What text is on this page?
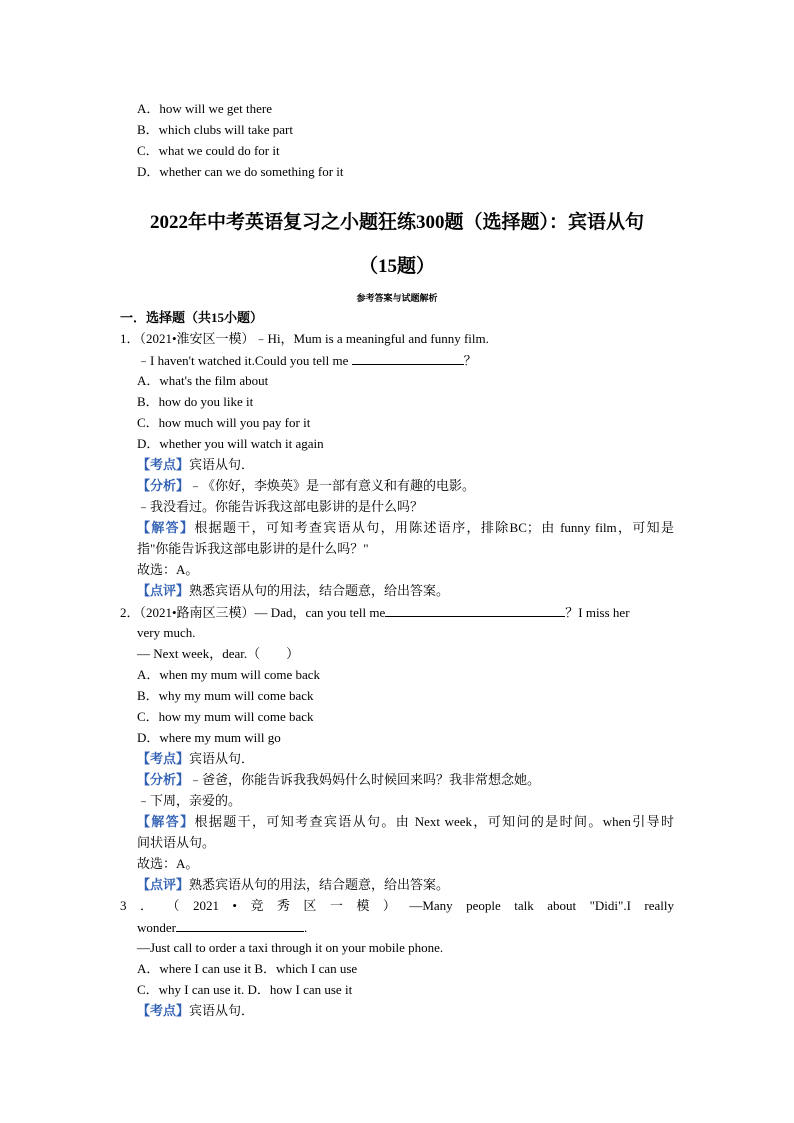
A．how will we get there
B．which clubs will take part
C．what we could do for it
D．whether can we do something for it
2022年中考英语复习之小题狂练300题（选择题）：宾语从句
（15题）
参考答案与试题解析
一．选择题（共15小题）
1．（2021•淮安区一模）﹣Hi，Mum is a meaningful and funny film.
﹣I haven't watched it.Could you tell me	？
A．what's the film about
B．how do you like it
C．how much will you pay for it
D．whether you will watch it again
【考点】宾语从句．
【分析】﹣《你好，李焕英》是一部有意义和有趣的电影。
﹣我没看过。你能告诉我这部电影讲的是什么吗？
【解答】根据题干，可知考查宾语从句，用陈述语序，排除BC；由 funny film，可知是
指"你能告诉我这部电影讲的是什么吗？"
故选：A。
【点评】熟悉宾语从句的用法，结合题意，给出答案。
2．（2021•路南区三模）— Dad，can you tell me	？I miss her
very much.
— Next week，dear.（　　）
A．when my mum will come back
B．why my mum will come back
C．how my mum will come back
D．where my mum will go
【考点】宾语从句．
【分析】﹣爸爸，你能告诉我我妈妈什么时候回来吗？我非常想念她。
﹣下周，亲爱的。
【解答】根据题干，可知考查宾语从句。由 Next week，可知问的是时间。when引导时
间状语从句。
故选：A。
【点评】熟悉宾语从句的用法，结合题意，给出答案。
3 ． （ 2021 • 竞 秀 区 一 模 ） —Many people talk about "Didi".I really
wonder	.
—Just call to order a taxi through it on your mobile phone.
A．where I can use it B．which I can use
C．why I can use it. D．how I can use it
【考点】宾语从句．
